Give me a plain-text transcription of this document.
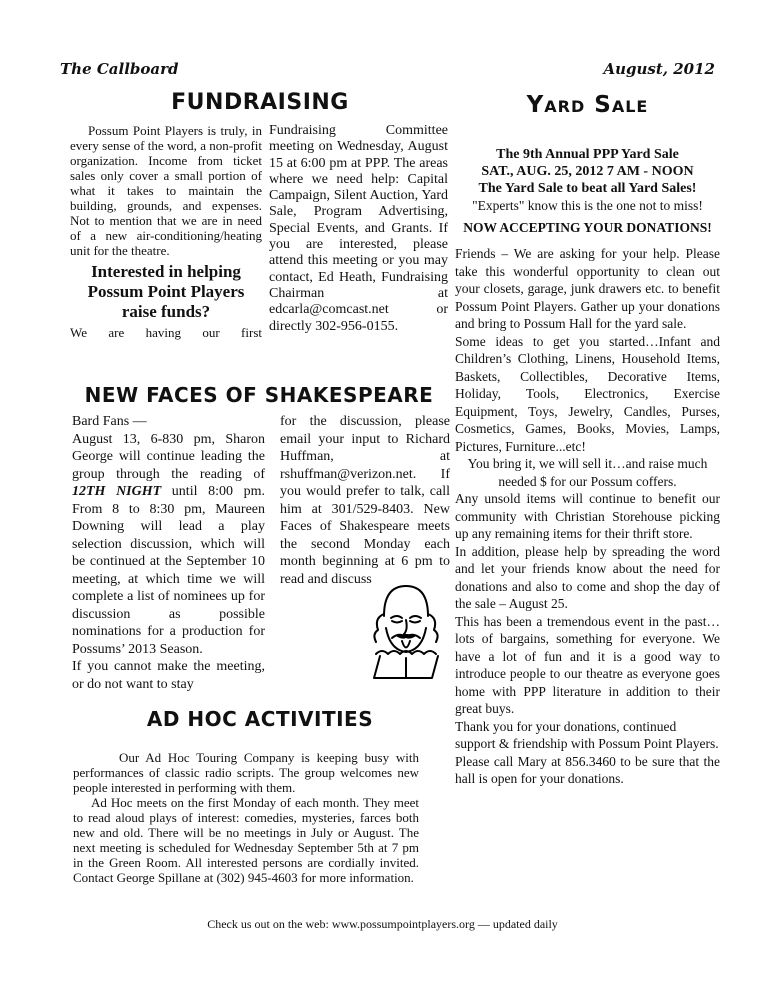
The Callboard	August, 2012
FUNDRAISING

Possum Point Players is truly, in every sense of the word, a non-profit organization. Income from ticket sales only cover a small portion of what it takes to maintain the building, grounds, and expenses. Not to mention that we are in need of a new air-conditioning/heating unit for the theatre.

Interested in helping Possum Point Players raise funds?

We are having our first

Fundraising Committee meeting on Wednesday, August 15 at 6:00 pm at PPP. The areas where we need help: Capital Campaign, Silent Auction, Yard Sale, Program Advertising, Special Events, and Grants. If you are interested, please attend this meeting or you may contact, Ed Heath, Fundraising Chairman at edcarla@comcast.net or directly 302-956-0155.

NEW FACES OF SHAKESPEARE

Bard Fans —

August 13, 6-830 pm, Sharon George will continue leading the group through the reading of 12TH NIGHT until 8:00 pm. From 8 to 8:30 pm, Maureen Downing will lead a play selection discussion, which will be continued at the September 10 meeting, at which time we will complete a list of nominees up for discussion as possible nominations for a production for Possums’ 2013 Season.

If you cannot make the meeting, or do not want to stay

for the discussion, please email your input to Richard Huffman, at rshuffman@verizon.net. If you would prefer to talk, call him at 301/529-8403. New Faces of Shakespeare meets the second Monday each month beginning at 6 pm to read and discuss

AD HOC ACTIVITIES

Our Ad Hoc Touring Company is keeping busy with performances of classic radio scripts. The group welcomes new people interested in performing with them.

Ad Hoc meets on the first Monday of each month. They meet to read aloud plays of interest: comedies, mysteries, farces both new and old. There will be no meetings in July or August. The next meeting is scheduled for Wednesday September 5th at 7 pm in the Green Room. All interested persons are cordially invited. Contact George Spillane at (302) 945-4603 for more information.

Yard Sale
The 9th Annual PPP Yard Sale
SAT., AUG. 25, 2012 7 AM - NOON
The Yard Sale to beat all Yard Sales!
"Experts" know this is the one not to miss!
NOW ACCEPTING YOUR DONATIONS!

Friends – We are asking for your help. Please take this wonderful opportunity to clean out your closets, garage, junk drawers etc. to benefit Possum Point Players. Gather up your donations and bring to Possum Hall for the yard sale.

Some ideas to get you started…Infant and Children’s Clothing, Linens, Household Items, Baskets, Collectibles, Decorative Items, Holiday, Tools, Electronics, Exercise Equipment, Toys, Jewelry, Candles, Purses, Cosmetics, Games, Books, Movies, Lamps, Pictures, Furniture...etc!

You bring it, we will sell it…and raise much needed $ for our Possum coffers.

Any unsold items will continue to benefit our community with Christian Storehouse picking up any remaining items for their thrift store.

In addition, please help by spreading the word and let your friends know about the need for donations and also to come and shop the day of the sale – August 25.

This has been a tremendous event in the past…lots of bargains, something for everyone. We have a lot of fun and it is a good way to introduce people to our theatre as everyone goes home with PPP literature in addition to their great buys.

Thank you for your donations, continued support & friendship with Possum Point Players.

Please call Mary at 856.3460 to be sure that the hall is open for your donations.

Check us out on the web: www.possumpointplayers.org — updated daily
